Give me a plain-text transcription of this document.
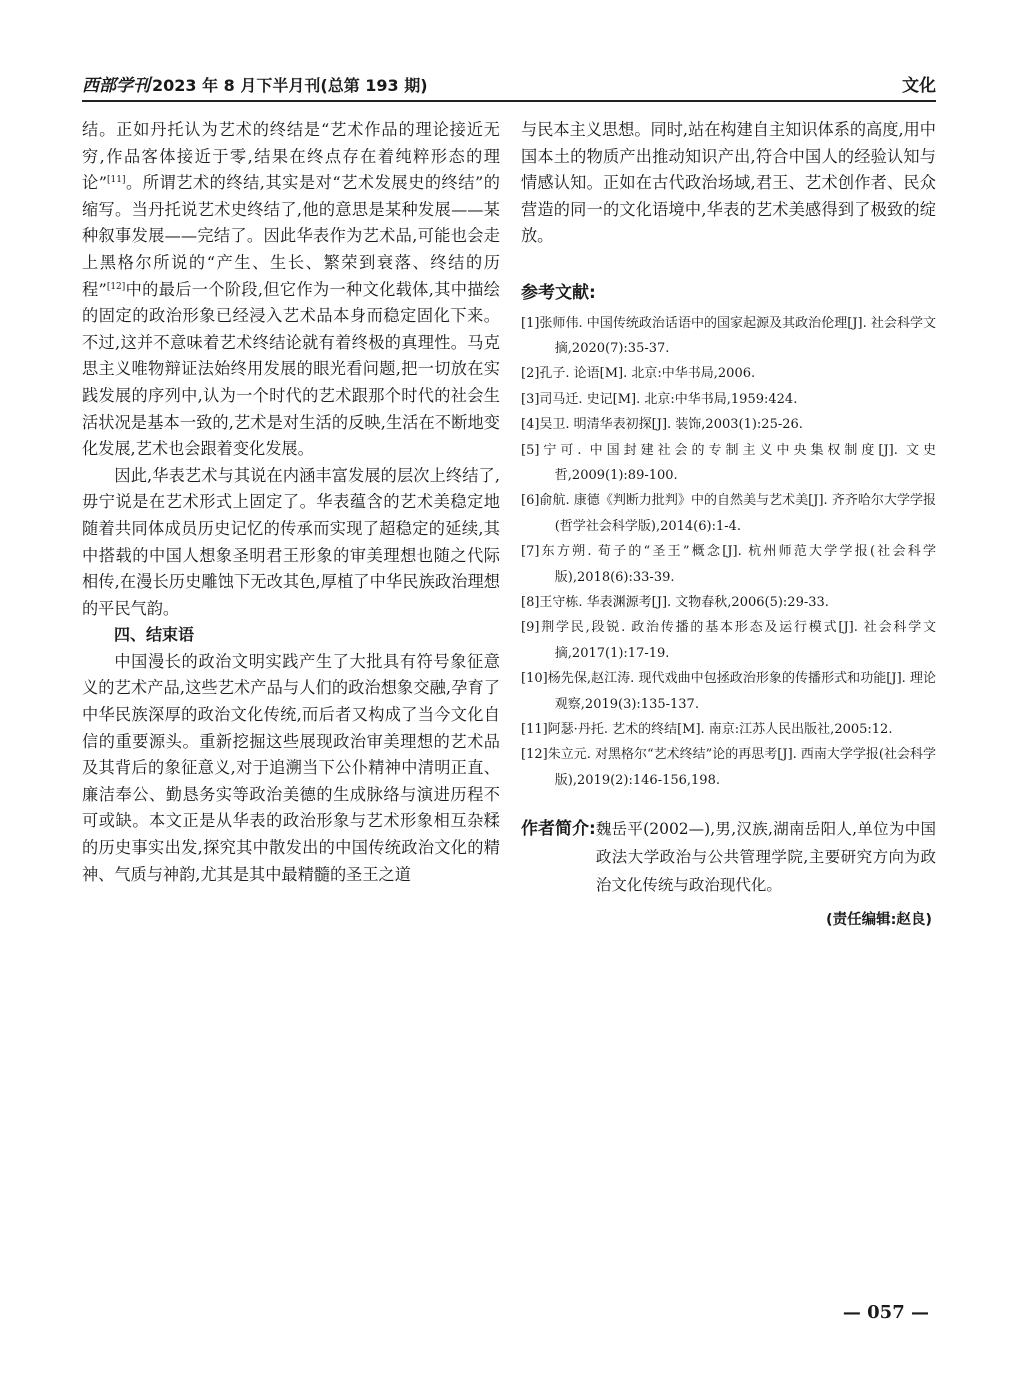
西部学刊 2023 年 8 月下半月刊(总第 193 期)	文化

结。正如丹托认为艺术的终结是“艺术作品的理论接近无穷,作品客体接近于零,结果在终点存在着纯粹形态的理论”[11]。所谓艺术的终结,其实是对“艺术发展史的终结”的缩写。当丹托说艺术史终结了,他的意思是某种发展——某种叙事发展——完结了。因此华表作为艺术品,可能也会走上黑格尔所说的“产生、生长、繁荣到衰落、终结的历程”[12]中的最后一个阶段,但它作为一种文化载体,其中描绘的固定的政治形象已经浸入艺术品本身而稳定固化下来。不过,这并不意味着艺术终结论就有着终极的真理性。马克思主义唯物辩证法始终用发展的眼光看问题,把一切放在实践发展的序列中,认为一个时代的艺术跟那个时代的社会生活状况是基本一致的,艺术是对生活的反映,生活在不断地变化发展,艺术也会跟着变化发展。

因此,华表艺术与其说在内涵丰富发展的层次上终结了,毋宁说是在艺术形式上固定了。华表蕴含的艺术美稳定地随着共同体成员历史记忆的传承而实现了超稳定的延续,其中搭载的中国人想象圣明君王形象的审美理想也随之代际相传,在漫长历史雕蚀下无改其色,厚植了中华民族政治理想的平民气韵。

四、结束语

中国漫长的政治文明实践产生了大批具有符号象征意义的艺术产品,这些艺术产品与人们的政治想象交融,孕育了中华民族深厚的政治文化传统,而后者又构成了当今文化自信的重要源头。重新挖掘这些展现政治审美理想的艺术品及其背后的象征意义,对于追溯当下公仆精神中清明正直、廉洁奉公、勤恳务实等政治美德的生成脉络与演进历程不可或缺。本文正是从华表的政治形象与艺术形象相互杂糅的历史事实出发,探究其中散发出的中国传统政治文化的精神、气质与神韵,尤其是其中最精髓的圣王之道

与民本主义思想。同时,站在构建自主知识体系的高度,用中国本土的物质产出推动知识产出,符合中国人的经验认知与情感认知。正如在古代政治场域,君王、艺术创作者、民众营造的同一的文化语境中,华表的艺术美感得到了极致的绽放。

参考文献:
[1]张师伟. 中国传统政治话语中的国家起源及其政治伦理[J]. 社会科学文摘,2020(7):35-37.
[2]孔子. 论语[M]. 北京:中华书局,2006.
[3]司马迁. 史记[M]. 北京:中华书局,1959:424.
[4]吴卫. 明清华表初探[J]. 装饰,2003(1):25-26.
[5]宁可. 中国封建社会的专制主义中央集权制度[J]. 文史哲,2009(1):89-100.
[6]俞航. 康德《判断力批判》中的自然美与艺术美[J]. 齐齐哈尔大学学报(哲学社会科学版),2014(6):1-4.
[7]东方朔. 荀子的“圣王”概念[J]. 杭州师范大学学报(社会科学版),2018(6):33-39.
[8]王守栋. 华表渊源考[J]. 文物春秋,2006(5):29-33.
[9]荆学民,段锐. 政治传播的基本形态及运行模式[J]. 社会科学文摘,2017(1):17-19.
[10]杨先保,赵江涛. 现代戏曲中包拯政治形象的传播形式和功能[J]. 理论观察,2019(3):135-137.
[11]阿瑟·丹托. 艺术的终结[M]. 南京:江苏人民出版社,2005:12.
[12]朱立元. 对黑格尔“艺术终结”论的再思考[J]. 西南大学学报(社会科学版),2019(2):146-156,198.
作者简介: 魏岳平(2002—),男,汉族,湖南岳阳人,单位为中国政法大学政治与公共管理学院,主要研究方向为政治文化传统与政治现代化。
(责任编辑:赵良)
— 057 —
